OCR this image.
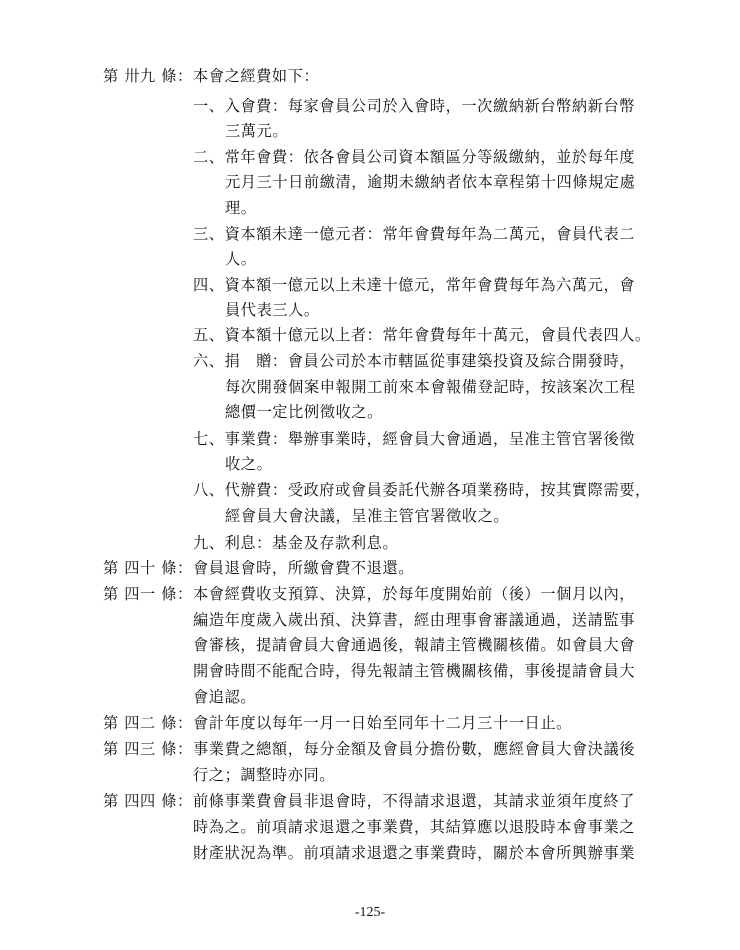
第 卅九 條： 本會之經費如下：
一、入會費：每家會員公司於入會時，一次繳納新台幣納新台幣
三萬元。
二、常年會費：依各會員公司資本額區分等級繳納，並於每年度
元月三十日前繳清，逾期未繳納者依本章程第十四條規定處
理。
三、資本額未達一億元者：常年會費每年為二萬元，會員代表二
人。
四、資本額一億元以上未達十億元，常年會費每年為六萬元，會
員代表三人。
五、資本額十億元以上者：常年會費每年十萬元，會員代表四人。
六、捐　贈：會員公司於本市轄區從事建築投資及綜合開發時，
每次開發個案申報開工前來本會報備登記時，按該案次工程
總價一定比例徵收之。
七、事業費：舉辦事業時，經會員大會通過，呈准主管官署後徵
收之。
八、代辦費：受政府或會員委託代辦各項業務時，按其實際需要，
經會員大會決議，呈准主管官署徵收之。
九、利息：基金及存款利息。
第 四十 條： 會員退會時，所繳會費不退還。
第 四一 條： 本會經費收支預算、決算，於每年度開始前（後）一個月以內，
編造年度歲入歲出預、決算書，經由理事會審議通過，送請監事
會審核，提請會員大會通過後，報請主管機關核備。如會員大會
開會時間不能配合時，得先報請主管機關核備，事後提請會員大
會追認。
第 四二 條： 會計年度以每年一月一日始至同年十二月三十一日止。
第 四三 條： 事業費之總額，每分金額及會員分擔份數，應經會員大會決議後
行之；調整時亦同。
第 四四 條： 前條事業費會員非退會時，不得請求退還，其請求並須年度終了
時為之。前項請求退還之事業費，其結算應以退股時本會事業之
財產狀況為準。前項請求退還之事業費時，關於本會所興辦事業
-125-
